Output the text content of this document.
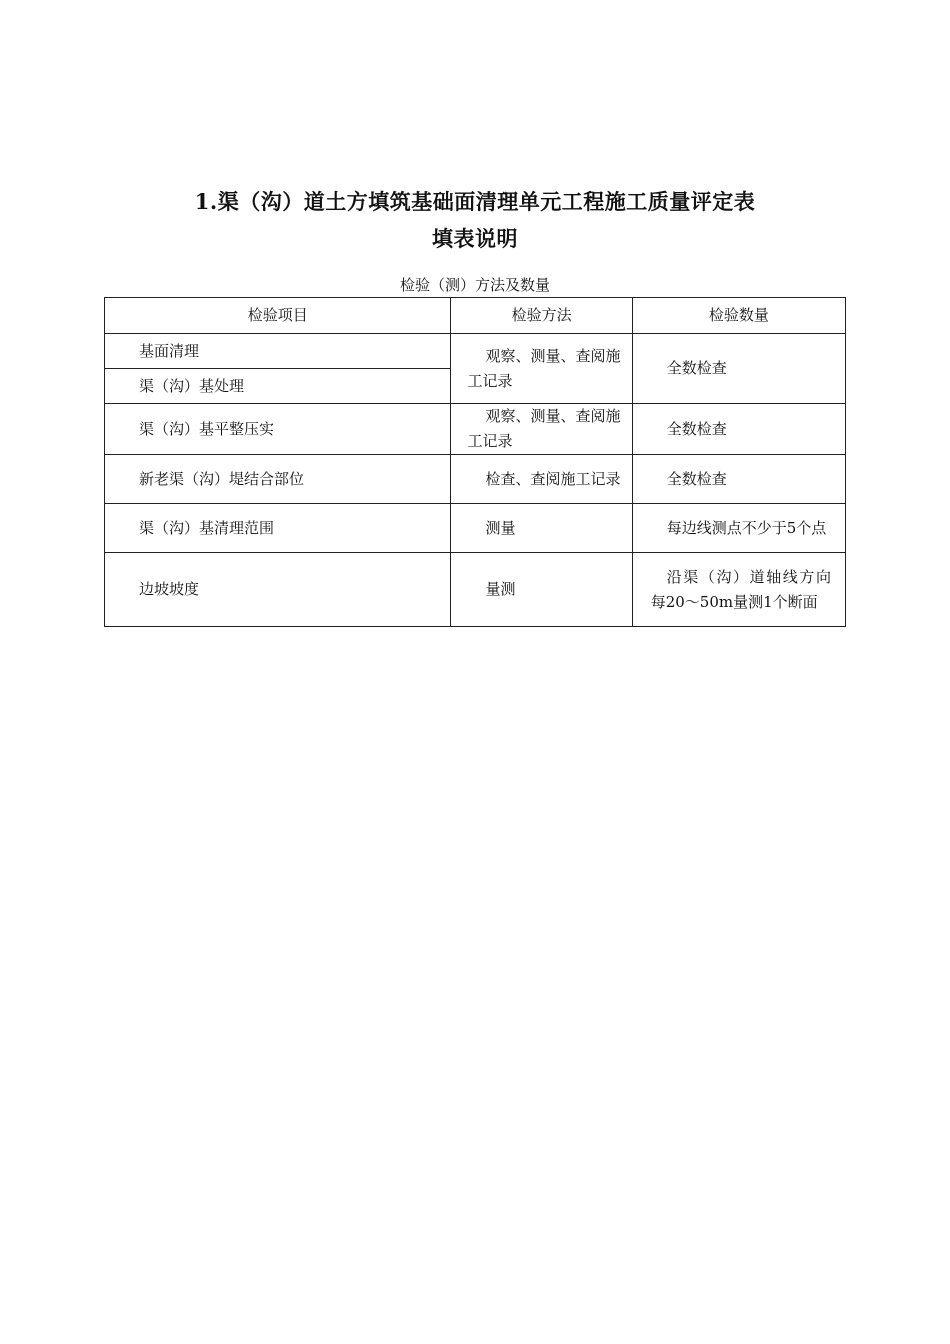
1.渠（沟）道土方填筑基础面清理单元工程施工质量评定表
填表说明
检验（测）方法及数量
检验项目	检验方法	检验数量
基面清理	观察、测量、查阅施工记录	全数检查
渠（沟）基处理		
渠（沟）基平整压实	观察、测量、查阅施工记录	全数检查
新老渠（沟）堤结合部位	检查、查阅施工记录	全数检查
渠（沟）基清理范围	测量	每边线测点不少于5个点
边坡坡度	量测	沿渠（沟）道轴线方向每20～50m量测1个断面
